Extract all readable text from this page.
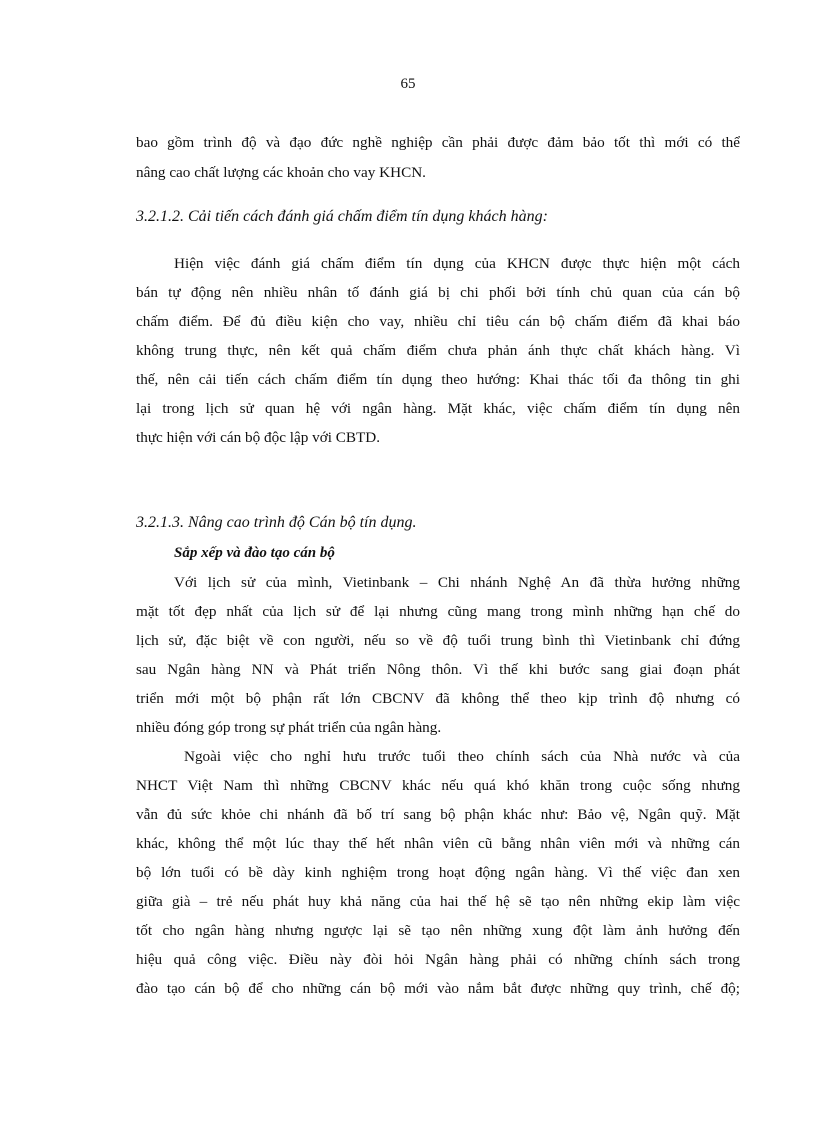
65
bao gồm trình độ và đạo đức nghề nghiệp cần phải được đảm bảo tốt thì mới có thể
nâng cao chất lượng các khoản cho vay KHCN.
3.2.1.2. Cải tiến cách đánh giá chấm điểm tín dụng khách hàng:
Hiện việc đánh giá chấm điểm tín dụng của KHCN được thực hiện một cách
bán tự động nên nhiều nhân tố đánh giá bị chi phối bởi tính chủ quan của cán bộ
chấm điểm. Để đủ điều kiện cho vay, nhiều chỉ tiêu cán bộ chấm điểm đã khai báo
không trung thực, nên kết quả chấm điểm chưa phản ánh thực chất khách hàng. Vì
thế, nên cải tiến cách chấm điểm tín dụng theo hướng: Khai thác tối đa thông tin ghi
lại trong lịch sử quan hệ với ngân hàng. Mặt khác, việc chấm điểm tín dụng nên
thực hiện với cán bộ độc lập với CBTD.
3.2.1.3. Nâng cao trình độ Cán bộ tín dụng.
Sắp xếp và đào tạo cán bộ
Với lịch sử của mình, Vietinbank – Chi nhánh Nghệ An đã thừa hưởng những
mặt tốt đẹp nhất của lịch sử để lại nhưng cũng mang trong mình những hạn chế do
lịch sử, đặc biệt về con người, nếu so về độ tuổi trung bình thì Vietinbank chỉ đứng
sau Ngân hàng NN và Phát triển Nông thôn. Vì thế khi bước sang giai đoạn phát
triển mới một bộ phận rất lớn CBCNV đã không thể theo kịp trình độ nhưng có
nhiều đóng góp trong sự phát triển của ngân hàng.
Ngoài việc cho nghỉ hưu trước tuổi theo chính sách của Nhà nước và của
NHCT Việt Nam thì những CBCNV khác nếu quá khó khăn trong cuộc sống nhưng
vẫn đủ sức khỏe chi nhánh đã bố trí sang bộ phận khác như: Bảo vệ, Ngân quỹ. Mặt
khác, không thể một lúc thay thế hết nhân viên cũ bằng nhân viên mới và những cán
bộ lớn tuổi có bề dày kinh nghiệm trong hoạt động ngân hàng. Vì thế việc đan xen
giữa già – trẻ nếu phát huy khả năng của hai thế hệ sẽ tạo nên những ekip làm việc
tốt cho ngân hàng nhưng ngược lại sẽ tạo nên những xung đột làm ảnh hưởng đến
hiệu quả công việc. Điều này đòi hỏi Ngân hàng phải có những chính sách trong
đào tạo cán bộ để cho những cán bộ mới vào nắm bắt được những quy trình, chế độ;
